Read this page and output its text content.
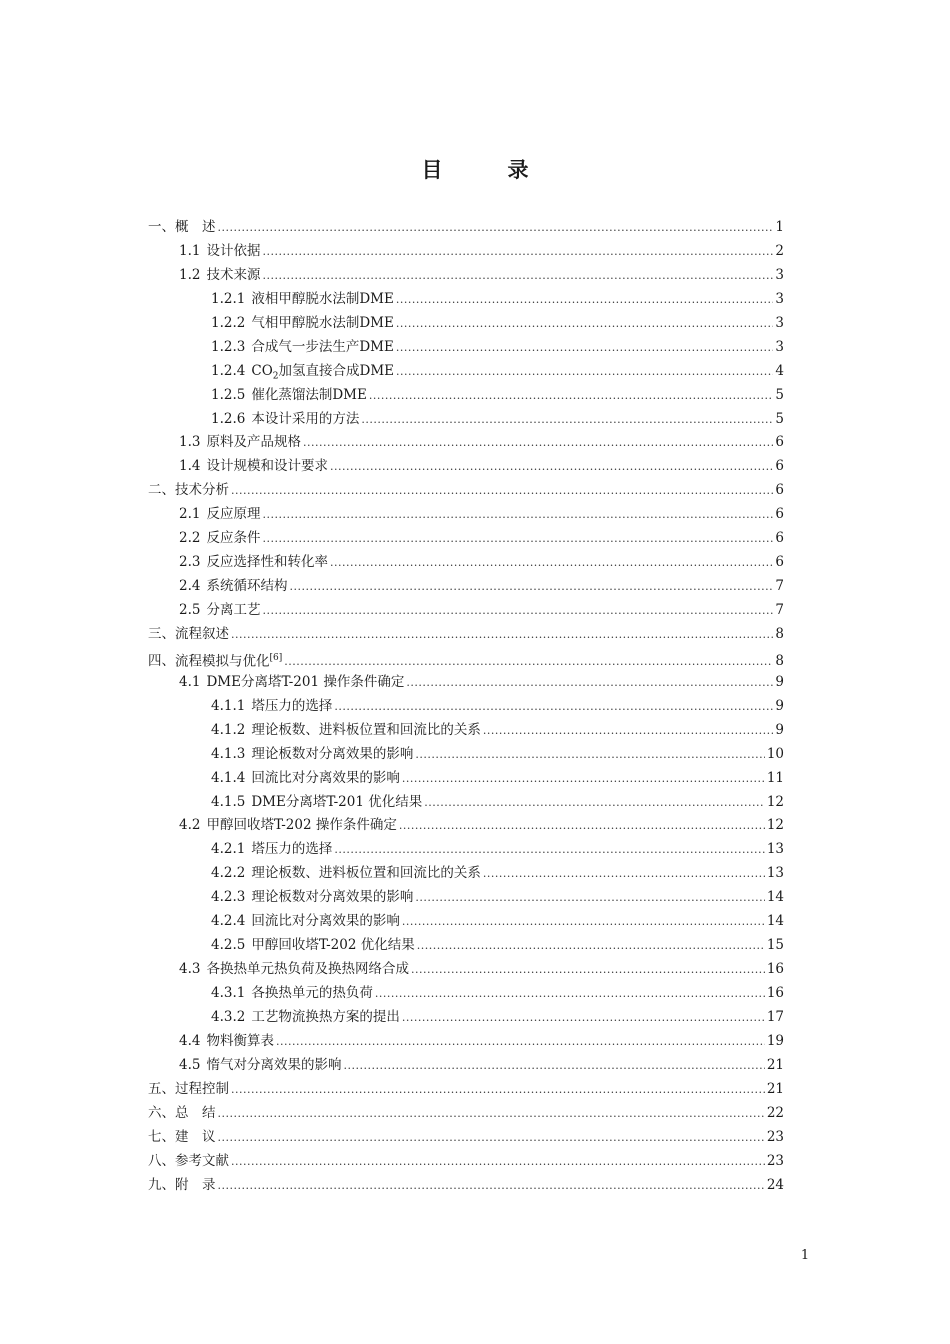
目　录
一、 概　述 .....	1
1.1 设计依据 .....	2
1.2 技术来源 .....	3
1.2.1 液相甲醇脱水法制DME .....	3
1.2.2 气相甲醇脱水法制DME .....	3
1.2.3 合成气一步法生产DME .....	3
1.2.4 $CO_2$加氢直接合成DME .....	4
1.2.5 催化蒸馏法制DME .....	5
1.2.6 本设计采用的方法 .....	5
1.3 原料及产品规格 .....	6
1.4 设计规模和设计要求 .....	6
二、 技术分析 .....	6
2.1 反应原理 .....	6
2.2 反应条件 .....	6
2.3 反应选择性和转化率 .....	6
2.4 系统循环结构 .....	7
2.5 分离工艺 .....	7
三、 流程叙述 .....	8
四、 流程模拟与优化[6] .....	8
4.1 DME分离塔T-201 操作条件确定 .....	9
4.1.1 塔压力的选择 .....	9
4.1.2 理论板数、进料板位置和回流比的关系 .....	9
4.1.3 理论板数对分离效果的影响 .....	10
4.1.4 回流比对分离效果的影响 .....	11
4.1.5 DME分离塔T-201 优化结果 .....	12
4.2 甲醇回收塔T-202 操作条件确定 .....	12
4.2.1 塔压力的选择 .....	13
4.2.2 理论板数、进料板位置和回流比的关系 .....	13
4.2.3 理论板数对分离效果的影响 .....	14
4.2.4 回流比对分离效果的影响 .....	14
4.2.5 甲醇回收塔T-202 优化结果 .....	15
4.3 各换热单元热负荷及换热网络合成 .....	16
4.3.1 各换热单元的热负荷 .....	16
4.3.2 工艺物流换热方案的提出 .....	17
4.4 物料衡算表 .....	19
4.5 惰气对分离效果的影响 .....	21
五、 过程控制 .....	21
六、 总　结 .....	22
七、 建　议 .....	23
八、 参考文献 .....	23
九、 附　录 .....	24
1
